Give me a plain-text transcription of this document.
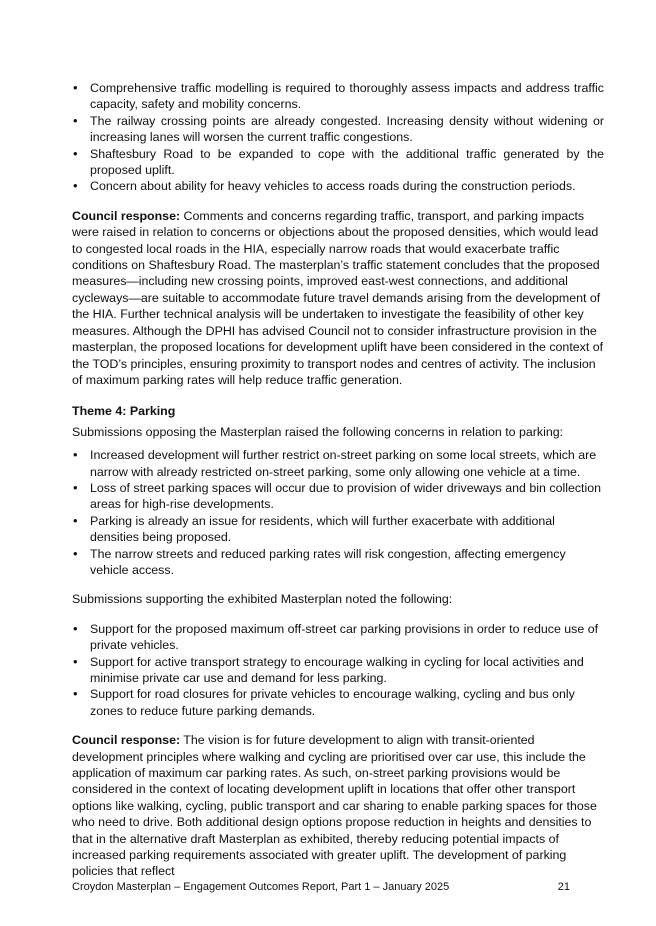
• Comprehensive traffic modelling is required to thoroughly assess impacts and address traffic capacity, safety and mobility concerns.
• The railway crossing points are already congested. Increasing density without widening or increasing lanes will worsen the current traffic congestions.
• Shaftesbury Road to be expanded to cope with the additional traffic generated by the proposed uplift.
• Concern about ability for heavy vehicles to access roads during the construction periods.

Council response: Comments and concerns regarding traffic, transport, and parking impacts were raised in relation to concerns or objections about the proposed densities, which would lead to congested local roads in the HIA, especially narrow roads that would exacerbate traffic conditions on Shaftesbury Road. The masterplan’s traffic statement concludes that the proposed measures—including new crossing points, improved east-west connections, and additional cycleways—are suitable to accommodate future travel demands arising from the development of the HIA. Further technical analysis will be undertaken to investigate the feasibility of other key measures. Although the DPHI has advised Council not to consider infrastructure provision in the masterplan, the proposed locations for development uplift have been considered in the context of the TOD’s principles, ensuring proximity to transport nodes and centres of activity. The inclusion of maximum parking rates will help reduce traffic generation.

Theme 4: Parking

Submissions opposing the Masterplan raised the following concerns in relation to parking:

• Increased development will further restrict on-street parking on some local streets, which are narrow with already restricted on-street parking, some only allowing one vehicle at a time.
• Loss of street parking spaces will occur due to provision of wider driveways and bin collection areas for high-rise developments.
• Parking is already an issue for residents, which will further exacerbate with additional densities being proposed.
• The narrow streets and reduced parking rates will risk congestion, affecting emergency vehicle access.

Submissions supporting the exhibited Masterplan noted the following:

• Support for the proposed maximum off-street car parking provisions in order to reduce use of private vehicles.
• Support for active transport strategy to encourage walking in cycling for local activities and minimise private car use and demand for less parking.
• Support for road closures for private vehicles to encourage walking, cycling and bus only zones to reduce future parking demands.

Council response: The vision is for future development to align with transit-oriented development principles where walking and cycling are prioritised over car use, this include the application of maximum car parking rates. As such, on-street parking provisions would be considered in the context of locating development uplift in locations that offer other transport options like walking, cycling, public transport and car sharing to enable parking spaces for those who need to drive. Both additional design options propose reduction in heights and densities to that in the alternative draft Masterplan as exhibited, thereby reducing potential impacts of increased parking requirements associated with greater uplift. The development of parking policies that reflect

Croydon Masterplan – Engagement Outcomes Report, Part 1 – January 2025	21
